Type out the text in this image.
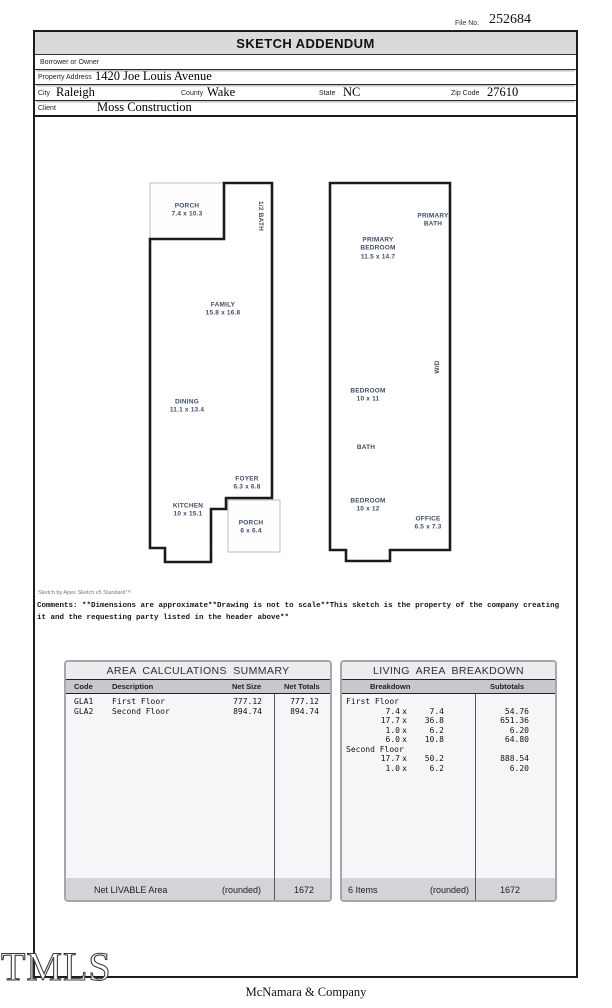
File No. 252684
SKETCH ADDENDUM
Borrower or Owner
Property Address 1420 Joe Louis Avenue
City Raleigh	County Wake	State NC	Zip Code 27610
Client	Moss Construction
PORCH
7.4 x 10.3	1/2 BATH
FAMILY
15.8 x 16.8
DINING
11.1 x 13.4
FOYER
6.3 x 6.8
KITCHEN
10 x 15.1
PORCH
6 x 6.4
PRIMARY BATH
PRIMARY BEDROOM
11.5 x 14.7
W/D
BEDROOM
10 x 11
BATH
BEDROOM
10 x 12
OFFICE
6.5 x 7.3
Sketch by Apex Sketch v5 Standard™
Comments: **Dimensions are approximate**Drawing is not to scale**This sketch is the property of the company creating it and the requesting party listed in the header above**
AREA CALCULATIONS SUMMARY
Code	Description	Net Size	Net Totals
GLA1	First Floor	777.12	777.12
GLA2	Second Floor	894.74	894.74
Net LIVABLE Area	(rounded)	1672
LIVING AREA BREAKDOWN
Breakdown	Subtotals
First Floor
7.4 x	7.4	54.76
17.7 x	36.8	651.36
1.0 x	6.2	6.20
6.0 x	10.8	64.80
Second Floor
17.7 x	50.2	888.54
1.0 x	6.2	6.20
6 Items	(rounded)	1672
TMLS
McNamara & Company
